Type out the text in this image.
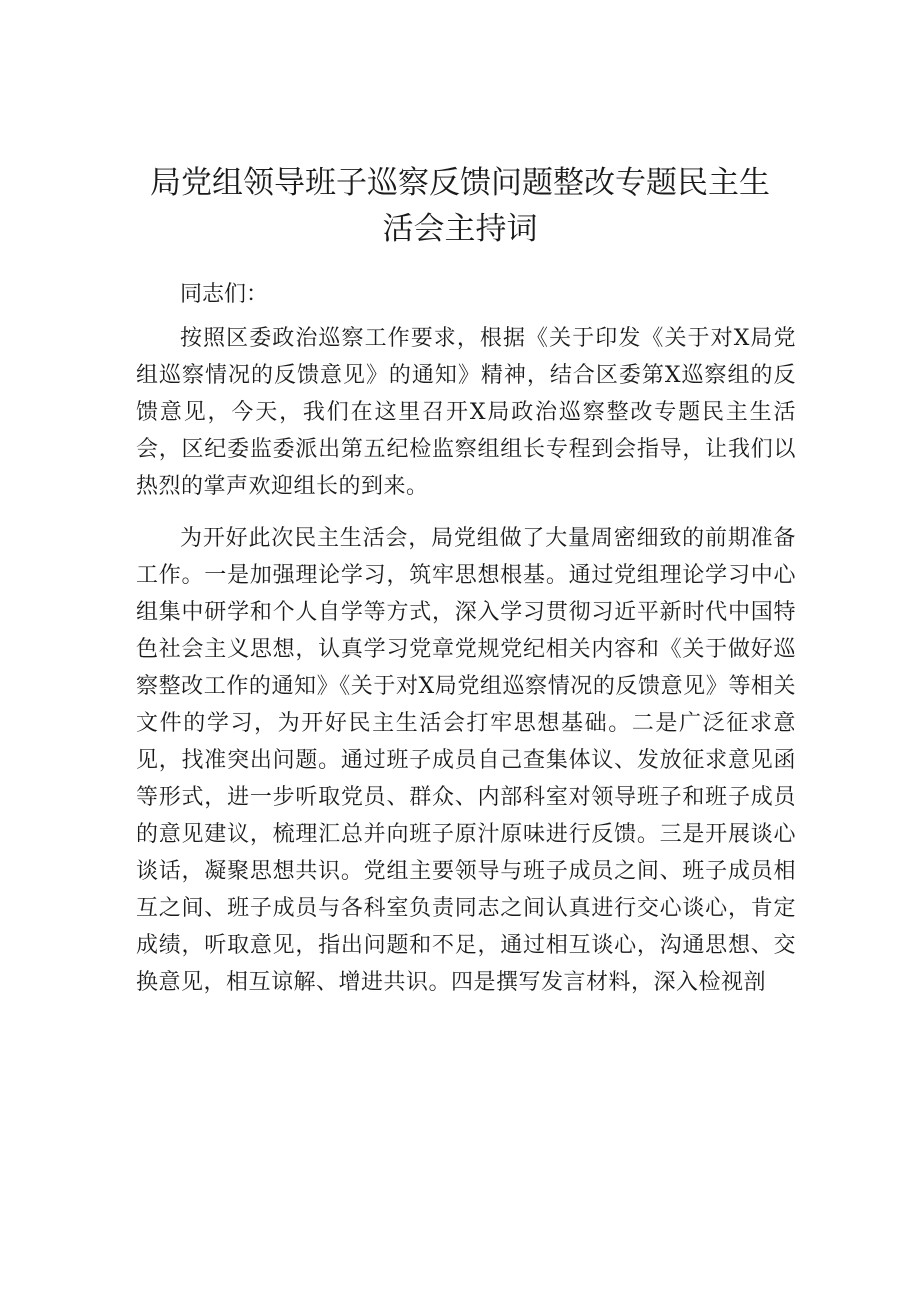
局党组领导班子巡察反馈问题整改专题民主生
活会主持词

同志们：

按照区委政治巡察工作要求，根据《关于印发《关于对X局党组巡察情况的反馈意见》的通知》精神，结合区委第X巡察组的反馈意见，今天，我们在这里召开X局政治巡察整改专题民主生活会，区纪委监委派出第五纪检监察组组长专程到会指导，让我们以热烈的掌声欢迎组长的到来。

为开好此次民主生活会，局党组做了大量周密细致的前期准备工作。一是加强理论学习，筑牢思想根基。通过党组理论学习中心组集中研学和个人自学等方式，深入学习贯彻习近平新时代中国特色社会主义思想，认真学习党章党规党纪相关内容和《关于做好巡察整改工作的通知》《关于对X局党组巡察情况的反馈意见》等相关文件的学习，为开好民主生活会打牢思想基础。二是广泛征求意见，找准突出问题。通过班子成员自己查集体议、发放征求意见函等形式，进一步听取党员、群众、内部科室对领导班子和班子成员的意见建议，梳理汇总并向班子原汁原味进行反馈。三是开展谈心谈话，凝聚思想共识。党组主要领导与班子成员之间、班子成员相互之间、班子成员与各科室负责同志之间认真进行交心谈心，肯定成绩，听取意见，指出问题和不足，通过相互谈心，沟通思想、交换意见，相互谅解、增进共识。四是撰写发言材料，深入检视剖
